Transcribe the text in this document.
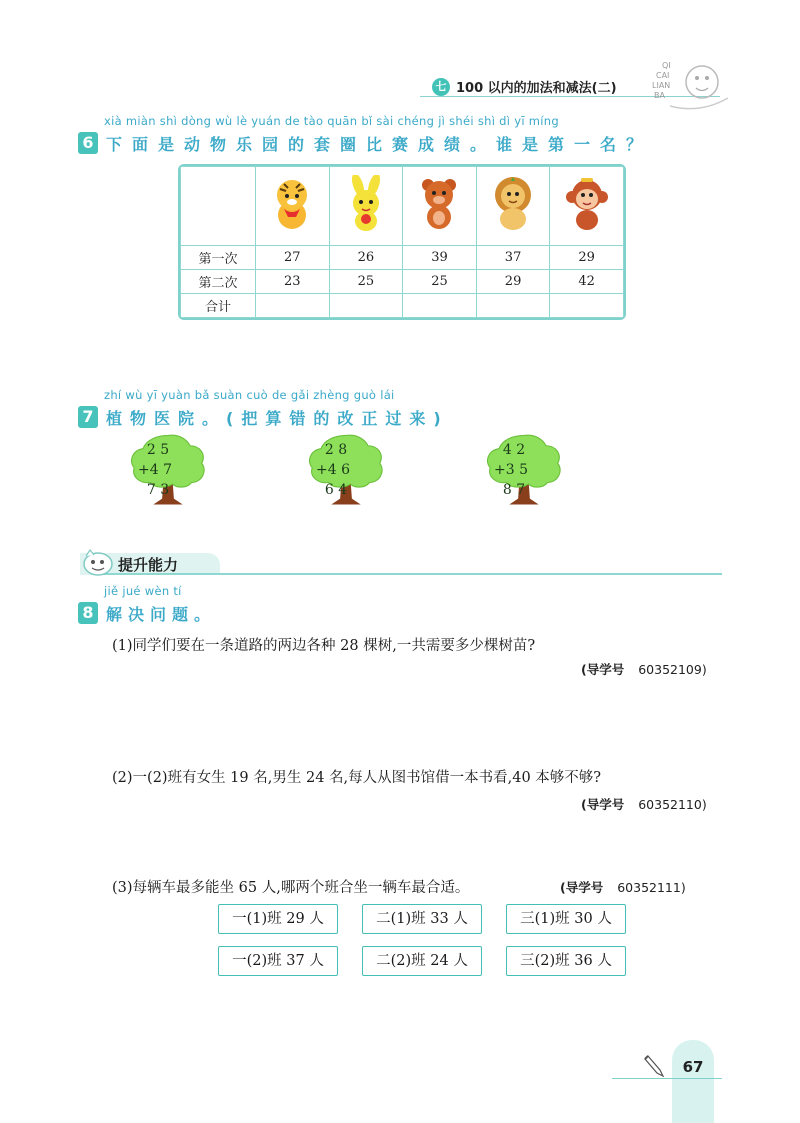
七 100 以内的加法和减法(二)
QI
CAI
LIAN
BA
xià miàn shì dòng wù lè yuán de tào quān bǐ sài chéng jì shéi shì dì yī míng
6 下面是动物乐园的套圈比赛成绩。谁是第一名？

第一次	27	26	39	37	29
第二次	23	25	25	29	42
合计					
zhí wù yī yuàn bǎ suàn cuò de gǎi zhèng guò lái
7 植物医院。(把算错的改正过来)
2 5
+4 7
7 3
2 8
+4 6
6 4
4 2
+3 5
8 7
提升能力
jiě jué wèn tí
8 解决问题。
(1)同学们要在一条道路的两边各种 28 棵树,一共需要多少棵树苗?
(导学号 60352109)
(2)一(2)班有女生 19 名,男生 24 名,每人从图书馆借一本书看,40 本够不够?
(导学号 60352110)
(3)每辆车最多能坐 65 人,哪两个班合坐一辆车最合适。	(导学号 60352111)
一(1)班 29 人	二(1)班 33 人	三(1)班 30 人
一(2)班 37 人	二(2)班 24 人	三(2)班 36 人
67
